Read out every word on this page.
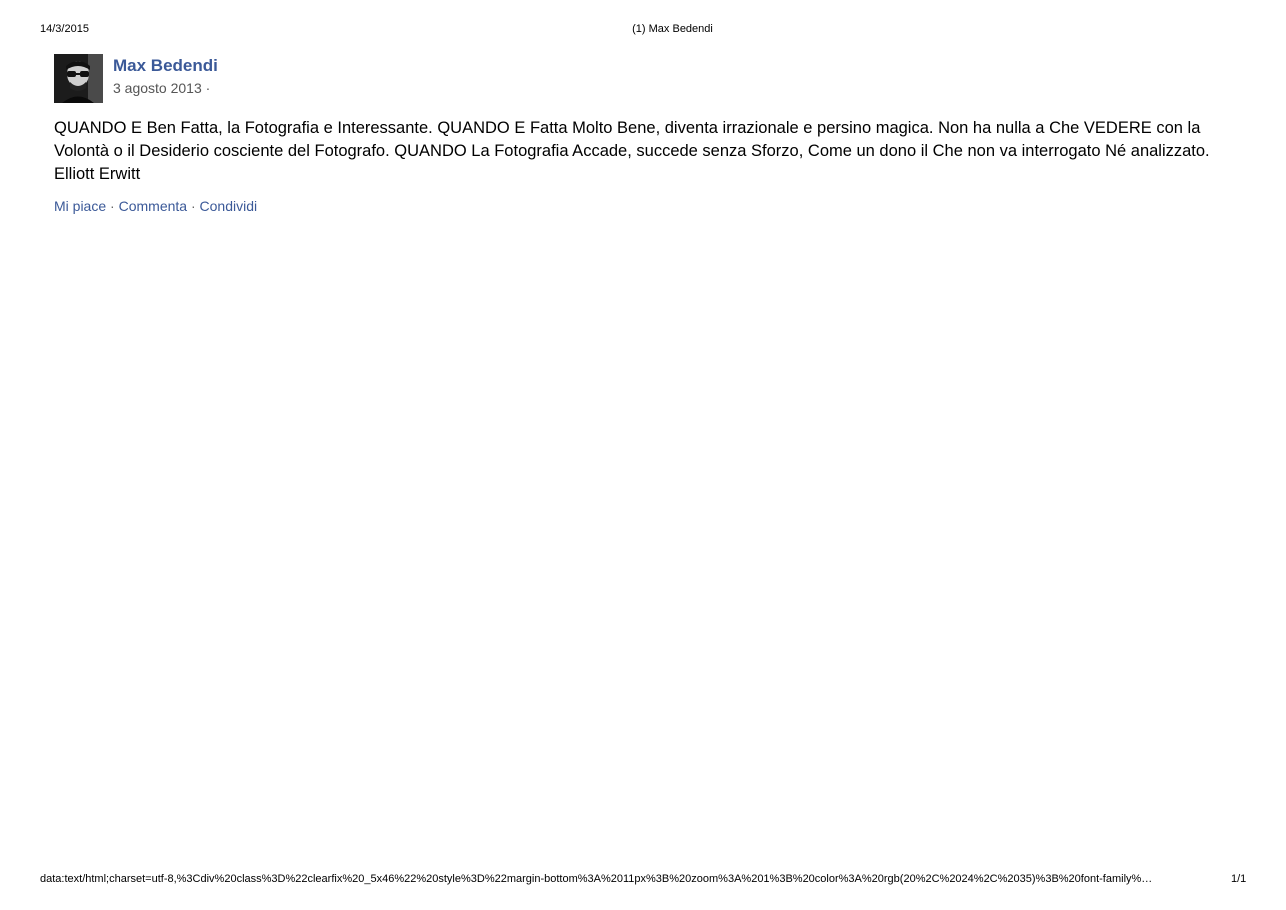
14/3/2015	(1) Max Bedendi
Max Bedendi
3 agosto 2013 ·

QUANDO E Ben Fatta, la Fotografia e Interessante. QUANDO E Fatta Molto Bene, diventa irrazionale e persino magica. Non ha nulla a Che VEDERE con la Volontà o il Desiderio cosciente del Fotografo. QUANDO La Fotografia Accade, succede senza Sforzo, Come un dono il Che non va interrogato Né analizzato.

Elliott Erwitt

Mi piace · Commenta · Condividi
data:text/html;charset=utf-8,%3Cdiv%20class%3D%22clearfix%20_5x46%22%20style%3D%22margin-bottom%3A%2011px%3B%20zoom%3A%201%3B%20color%3A%20rgb(20%2C%2024%2C%2035)%3B%20font-family%…	1/1
